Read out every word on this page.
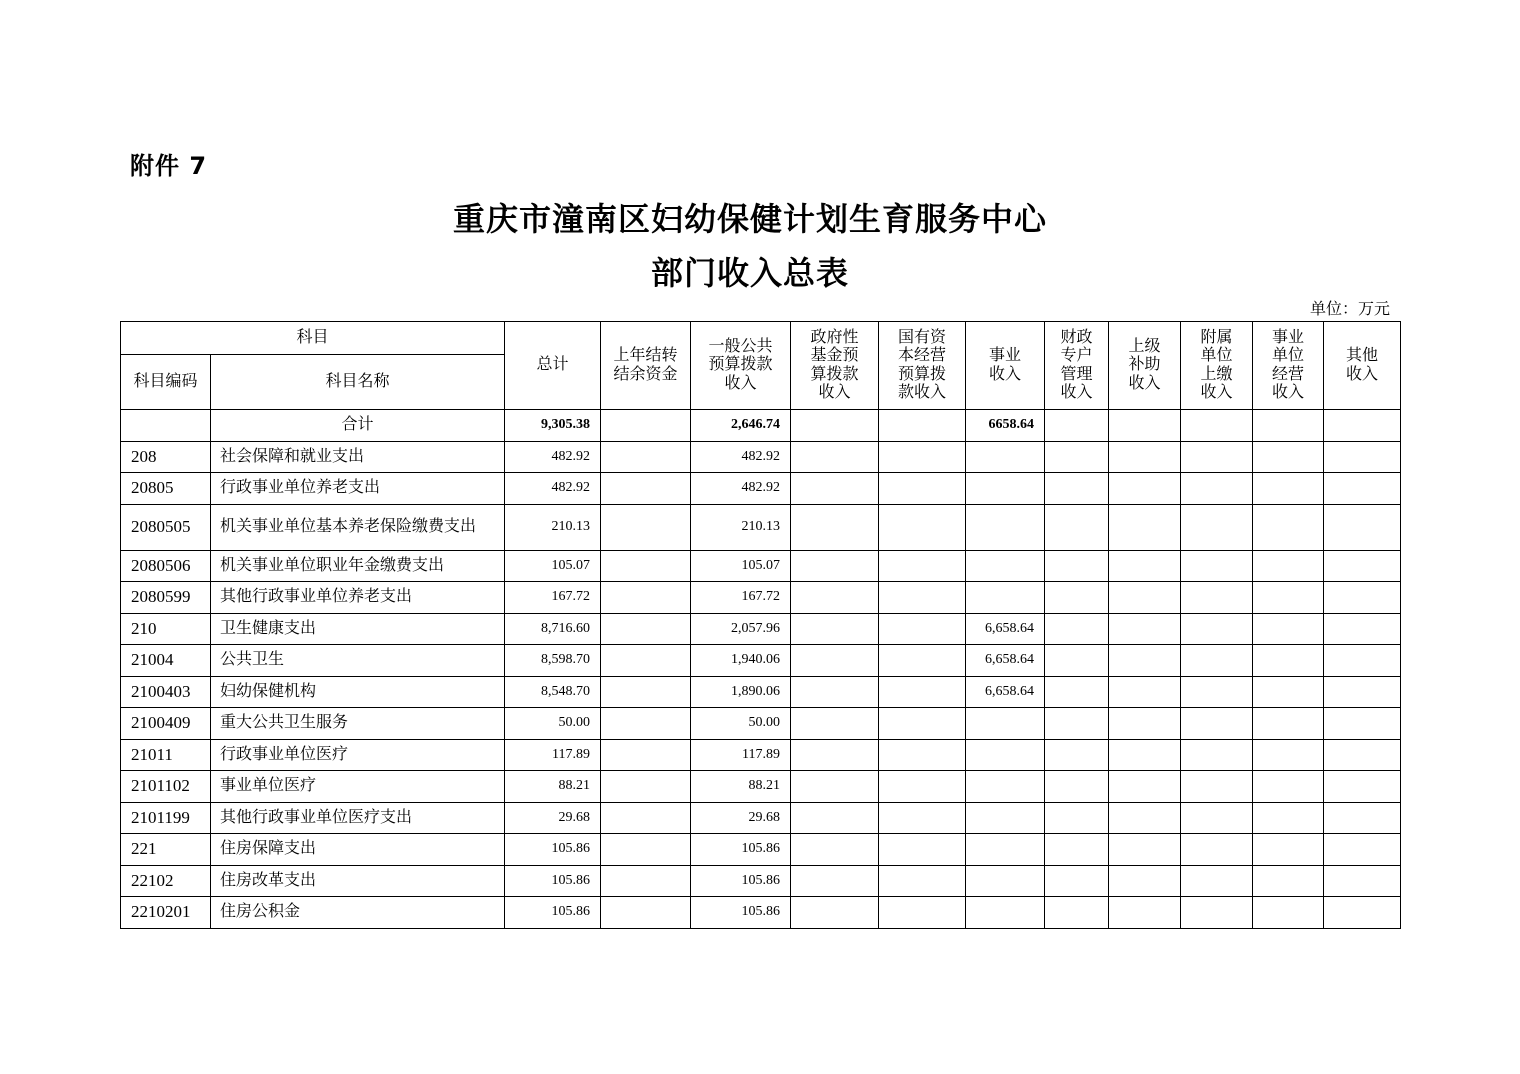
附件 7
重庆市潼南区妇幼保健计划生育服务中心
部门收入总表
单位：万元
科目		总计	上年结转结余资金	一般公共预算拨款收入	政府性基金预算拨款收入	国有资本经营预算拨款收入	事业收入	财政专户管理收入	上级补助收入	附属单位上缴收入	事业单位经营收入	其他收入
科目编码	科目名称											
	合计	9,305.38		2,646.74			6658.64					
208	社会保障和就业支出	482.92		482.92								
20805	行政事业单位养老支出	482.92		482.92								
2080505	机关事业单位基本养老保险缴费支出	210.13		210.13								
2080506	机关事业单位职业年金缴费支出	105.07		105.07								
2080599	其他行政事业单位养老支出	167.72		167.72								
210	卫生健康支出	8,716.60		2,057.96			6,658.64					
21004	公共卫生	8,598.70		1,940.06			6,658.64					
2100403	妇幼保健机构	8,548.70		1,890.06			6,658.64					
2100409	重大公共卫生服务	50.00		50.00								
21011	行政事业单位医疗	117.89		117.89								
2101102	事业单位医疗	88.21		88.21								
2101199	其他行政事业单位医疗支出	29.68		29.68								
221	住房保障支出	105.86		105.86								
22102	住房改革支出	105.86		105.86								
2210201	住房公积金	105.86		105.86								
